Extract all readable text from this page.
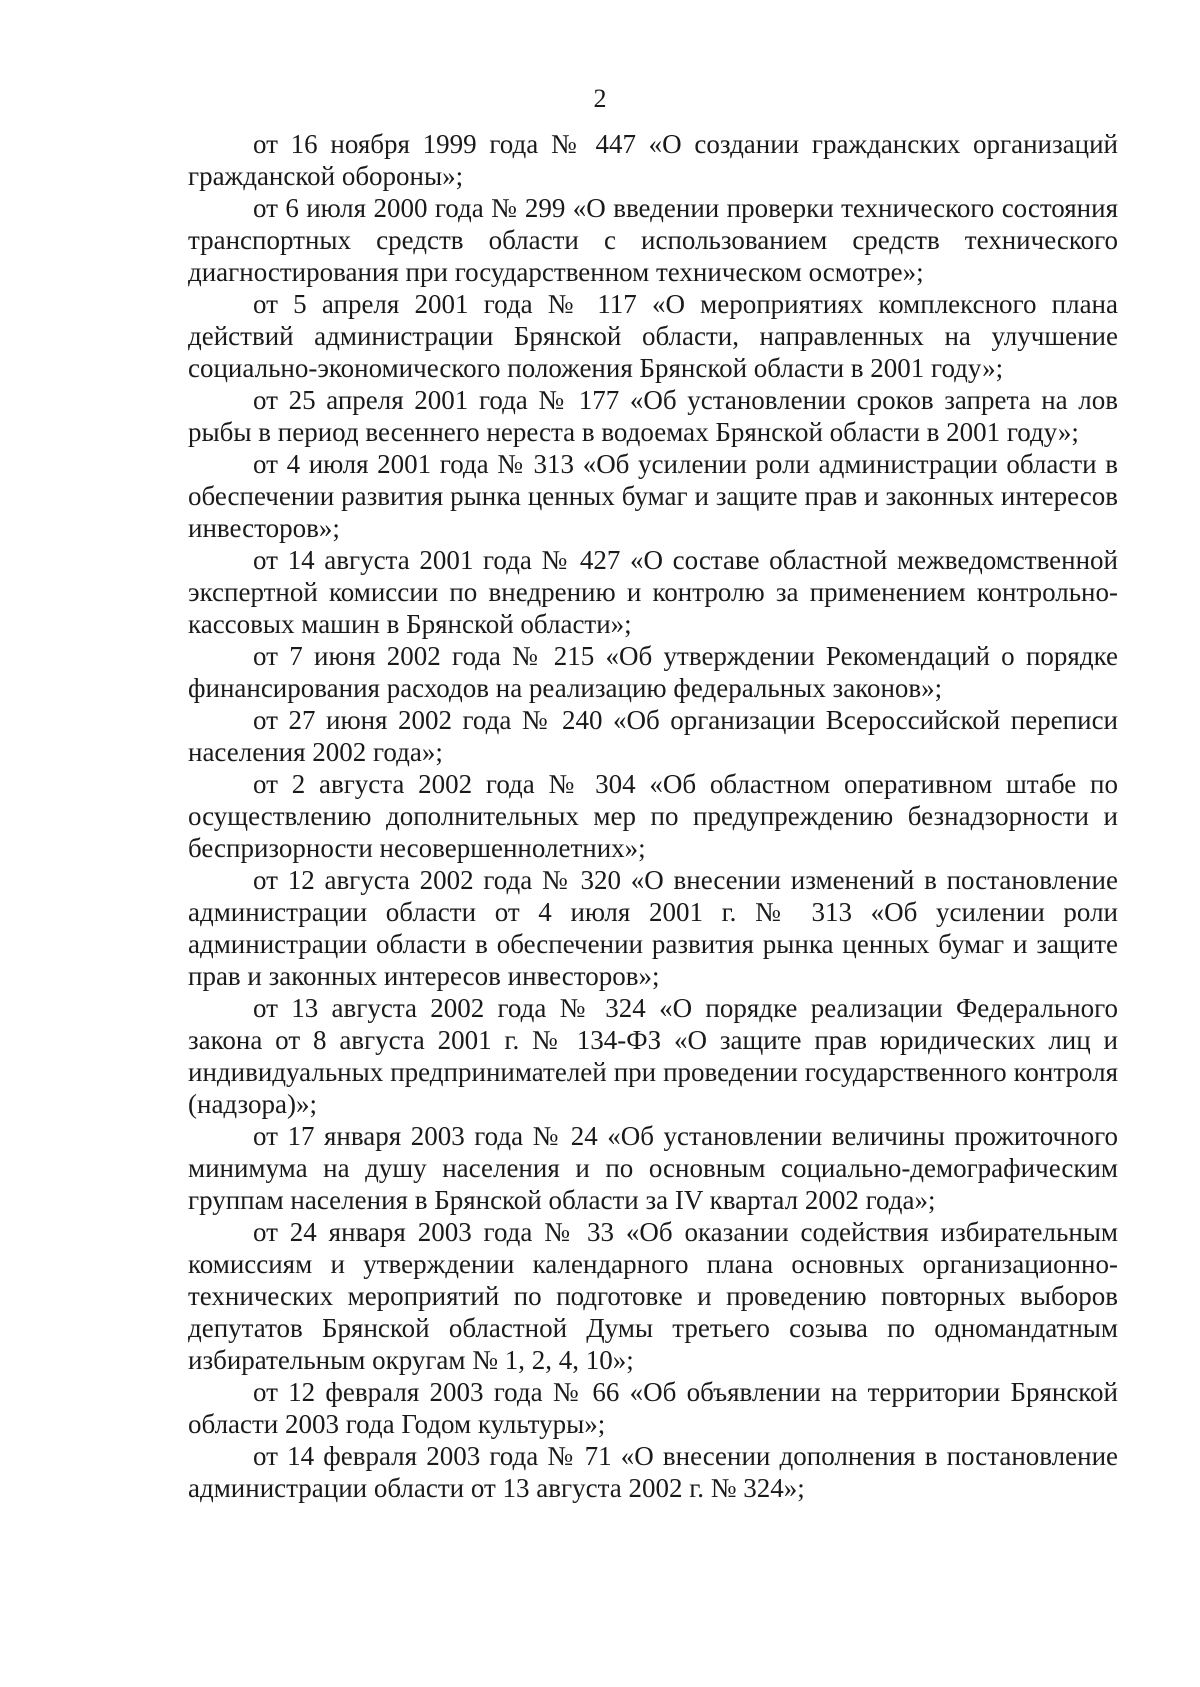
2

от 16 ноября 1999 года № 447 «О создании гражданских организаций гражданской обороны»;

от 6 июля 2000 года № 299 «О введении проверки технического состояния транспортных средств области с использованием средств технического диагностирования при государственном техническом осмотре»;

от 5 апреля 2001 года № 117 «О мероприятиях комплексного плана действий администрации Брянской области, направленных на улучшение социально-экономического положения Брянской области в 2001 году»;

от 25 апреля 2001 года № 177 «Об установлении сроков запрета на лов рыбы в период весеннего нереста в водоемах Брянской области в 2001 году»;

от 4 июля 2001 года № 313 «Об усилении роли администрации области в обеспечении развития рынка ценных бумаг и защите прав и законных интересов инвесторов»;

от 14 августа 2001 года № 427 «О составе областной межведомственной экспертной комиссии по внедрению и контролю за применением контрольно-кассовых машин в Брянской области»;

от 7 июня 2002 года № 215 «Об утверждении Рекомендаций о порядке финансирования расходов на реализацию федеральных законов»;

от 27 июня 2002 года № 240 «Об организации Всероссийской переписи населения 2002 года»;

от 2 августа 2002 года № 304 «Об областном оперативном штабе по осуществлению дополнительных мер по предупреждению безнадзорности и беспризорности несовершеннолетних»;

от 12 августа 2002 года № 320 «О внесении изменений в постановление администрации области от 4 июля 2001 г. № 313 «Об усилении роли администрации области в обеспечении развития рынка ценных бумаг и защите прав и законных интересов инвесторов»;

от 13 августа 2002 года № 324 «О порядке реализации Федерального закона от 8 августа 2001 г. № 134-ФЗ «О защите прав юридических лиц и индивидуальных предпринимателей при проведении государственного контроля (надзора)»;

от 17 января 2003 года № 24 «Об установлении величины прожиточного минимума на душу населения и по основным социально-демографическим группам населения в Брянской области за IV квартал 2002 года»;

от 24 января 2003 года № 33 «Об оказании содействия избирательным комиссиям и утверждении календарного плана основных организационно-технических мероприятий по подготовке и проведению повторных выборов депутатов Брянской областной Думы третьего созыва по одномандатным избирательным округам № 1, 2, 4, 10»;

от 12 февраля 2003 года № 66 «Об объявлении на территории Брянской области 2003 года Годом культуры»;

от 14 февраля 2003 года № 71 «О внесении дополнения в постановление администрации области от 13 августа 2002 г. № 324»;
